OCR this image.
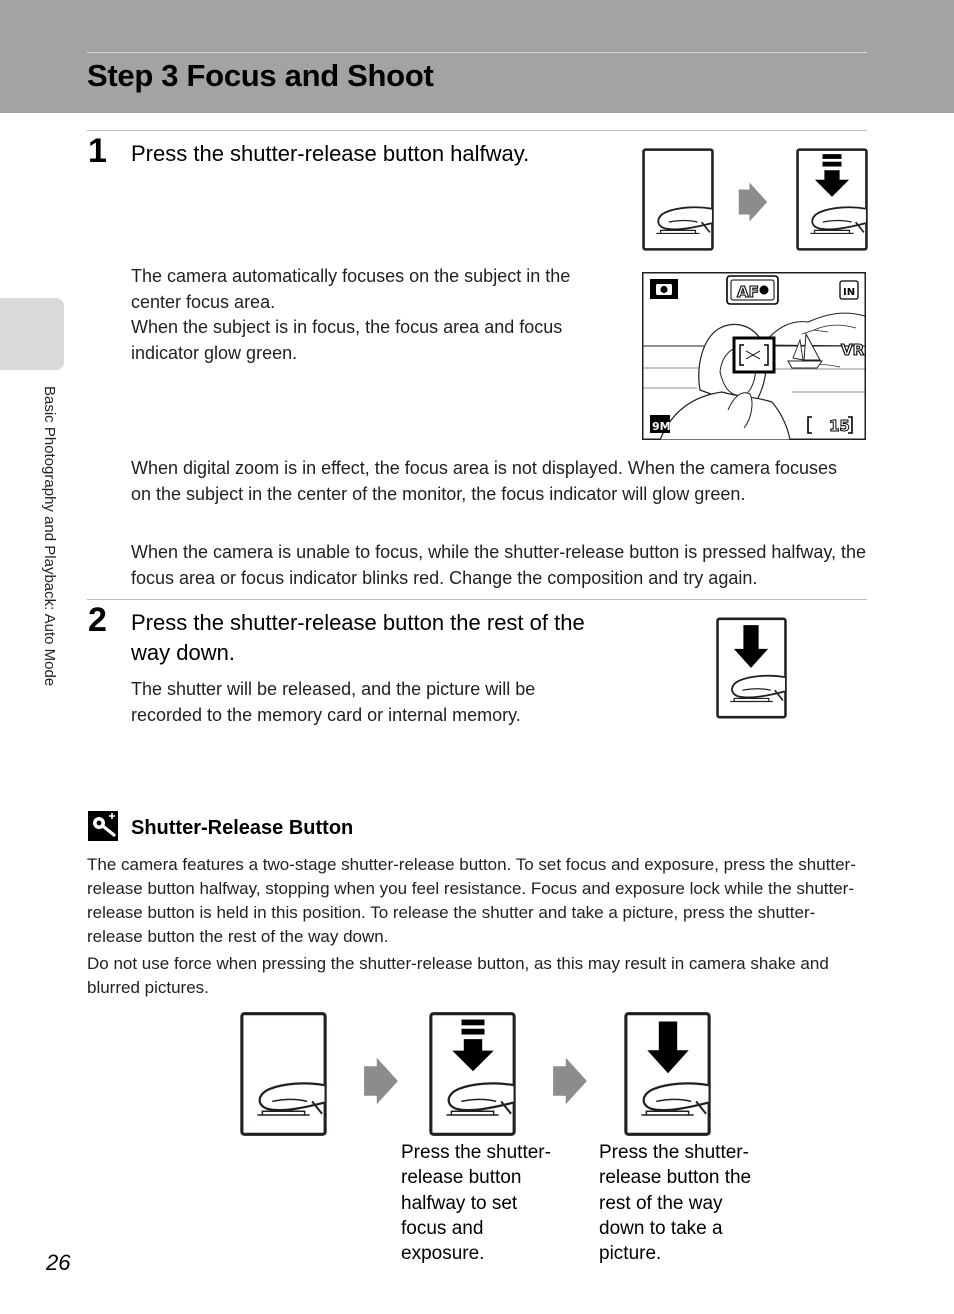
Step 3 Focus and Shoot
Basic Photography and Playback: Auto Mode
1 Press the shutter-release button halfway.

The camera automatically focuses on the subject in the center focus area.

When the subject is in focus, the focus area and focus indicator glow green.

AF	IN
VR
9M	15

When digital zoom is in effect, the focus area is not displayed. When the camera focuses on the subject in the center of the monitor, the focus indicator will glow green.

When the camera is unable to focus, while the shutter-release button is pressed halfway, the focus area or focus indicator blinks red. Change the composition and try again.

2 Press the shutter-release button the rest of the way down.

The shutter will be released, and the picture will be recorded to the memory card or internal memory.

Shutter-Release Button

The camera features a two-stage shutter-release button. To set focus and exposure, press the shutter-release button halfway, stopping when you feel resistance. Focus and exposure lock while the shutter-release button is held in this position. To release the shutter and take a picture, press the shutter-release button the rest of the way down.

Do not use force when pressing the shutter-release button, as this may result in camera shake and blurred pictures.

Press the shutter-release button halfway to set focus and exposure.

Press the shutter-release button the rest of the way down to take a picture.

26
